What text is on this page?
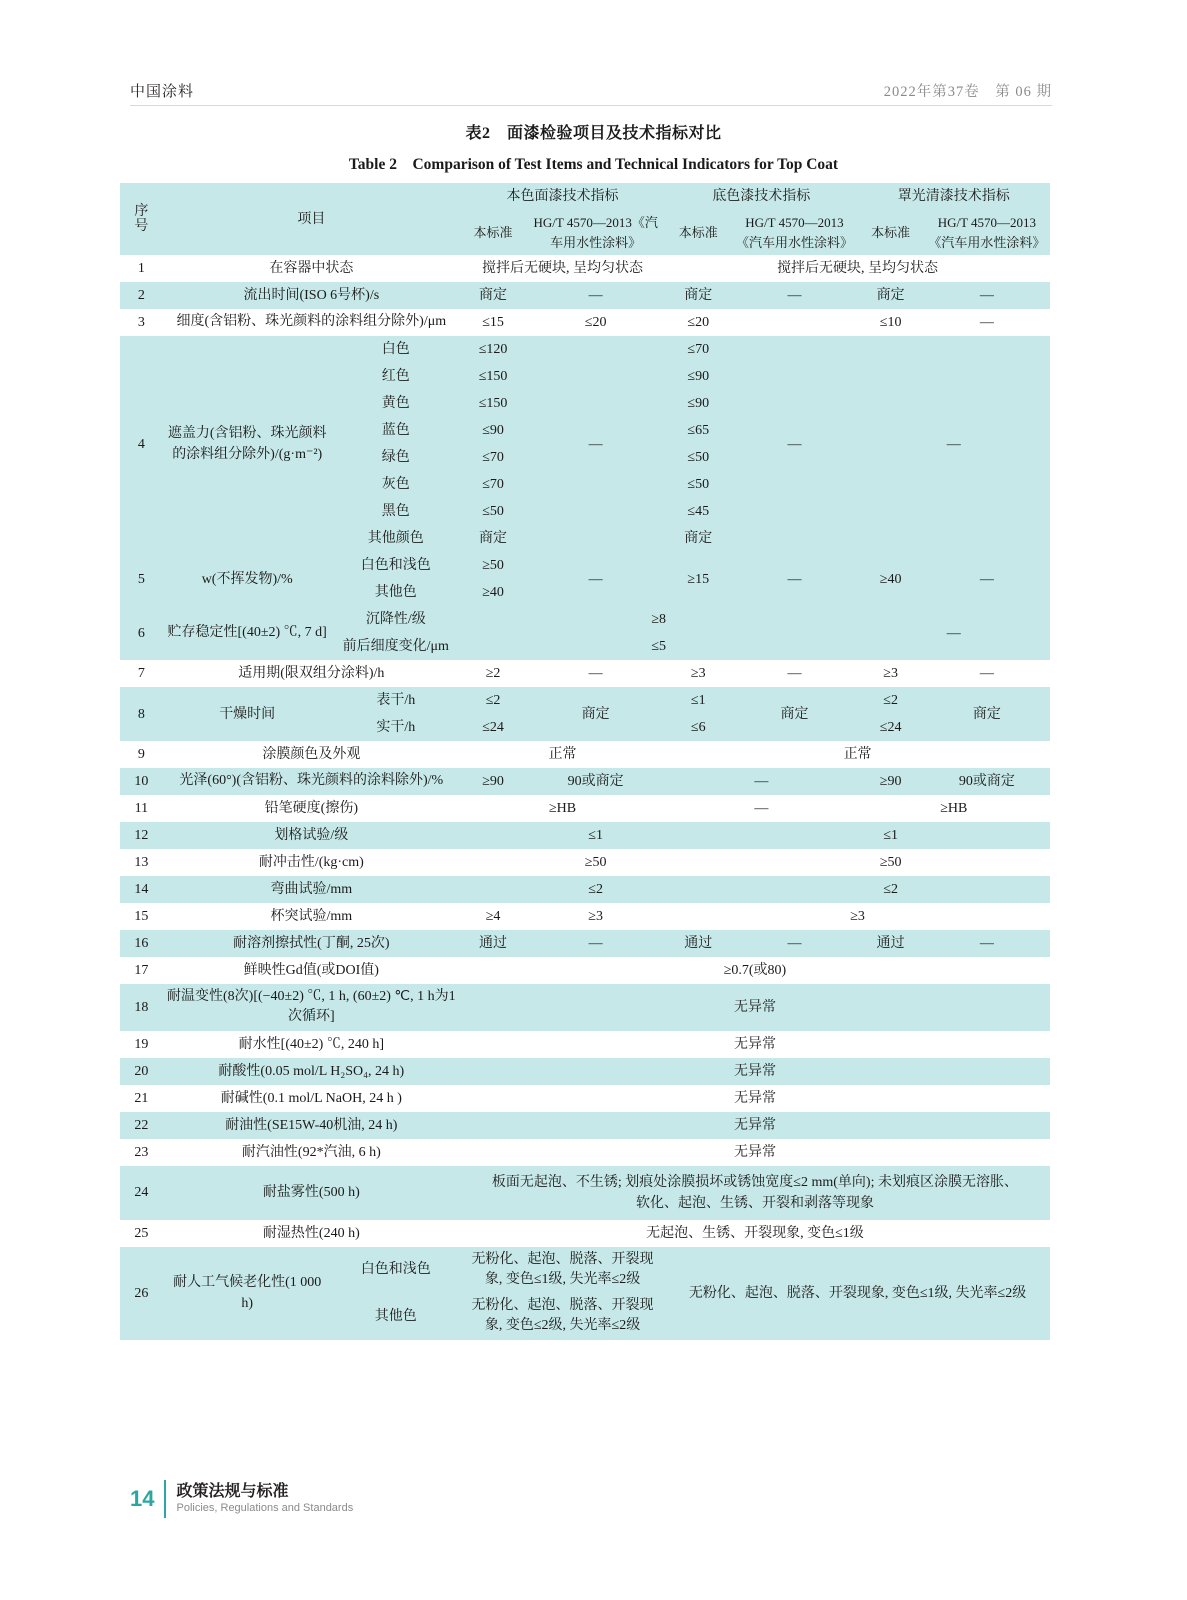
中国涂料	2022年第37卷　第 06 期
表2　面漆检验项目及技术指标对比
Table 2　Comparison of Test Items and Technical Indicators for Top Coat
序号	项目		本色面漆技术指标		底色漆技术指标		罩光清漆技术指标	
			本标准	HG/T 4570—2013《汽车用水性涂料》	本标准	HG/T 4570—2013《汽车用水性涂料》	本标准	HG/T 4570—2013《汽车用水性涂料》
1	在容器中状态		搅拌后无硬块, 呈均匀状态		搅拌后无硬块, 呈均匀状态			
2	流出时间(ISO 6号杯)/s		商定	—	商定	—	商定	—
3	细度(含铝粉、珠光颜料的涂料组分除外)/μm		≤15	≤20	≤20		≤10	—
4	遮盖力(含铝粉、珠光颜料的涂料组分除外)/(g·m⁻²)	白色	≤120	—	≤70	—	—	
		红色	≤150		≤90			
		黄色	≤150		≤90			
		蓝色	≤90		≤65			
		绿色	≤70		≤50			
		灰色	≤70		≤50			
		黑色	≤50		≤45			
		其他颜色	商定		商定			
5	w(不挥发物)/%	白色和浅色	≥50	—	≥15	—	≥40	—
		其他色	≥40					
6	贮存稳定性[(40±2) ℃, 7 d]	沉降性/级	≥8				—	
		前后细度变化/μm	≤5					
7	适用期(限双组分涂料)/h		≥2	—	≥3	—	≥3	—
8	干燥时间	表干/h	≤2	商定	≤1	商定	≤2	商定
		实干/h	≤24		≤6		≤24	
9	涂膜颜色及外观		正常		正常			
10	光泽(60°)(含铝粉、珠光颜料的涂料除外)/%		≥90	90或商定	—		≥90	90或商定
11	铅笔硬度(擦伤)		≥HB		—		≥HB	
12	划格试验/级		≤1			≤1		
13	耐冲击性/(kg·cm)		≥50			≥50		
14	弯曲试验/mm		≤2			≤2		
15	杯突试验/mm		≥4	≥3	≥3			
16	耐溶剂擦拭性(丁酮, 25次)		通过	—	通过	—	通过	—
17	鲜映性Gd值(或DOI值)		≥0.7(或80)					
18	耐温变性(8次)[(−40±2) ℃, 1 h, (60±2) ℃, 1 h为1次循环]		无异常					
19	耐水性[(40±2) ℃, 240 h]		无异常					
20	耐酸性(0.05 mol/L H₂SO₄, 24 h)		无异常					
21	耐碱性(0.1 mol/L NaOH, 24 h )		无异常					
22	耐油性(SE15W-40机油, 24 h)		无异常					
23	耐汽油性(92*汽油, 6 h)		无异常					
24	耐盐雾性(500 h)		板面无起泡、不生锈; 划痕处涂膜损坏或锈蚀宽度≤2 mm(单向); 未划痕区涂膜无溶胀、软化、起泡、生锈、开裂和剥落等现象					
25	耐湿热性(240 h)		无起泡、生锈、开裂现象, 变色≤1级					
26	耐人工气候老化性(1 000 h)	白色和浅色	无粉化、起泡、脱落、开裂现象, 变色≤1级, 失光率≤2级		无粉化、起泡、脱落、开裂现象, 变色≤1级, 失光率≤2级			
		其他色	无粉化、起泡、脱落、开裂现象, 变色≤2级, 失光率≤2级					
14 政策法规与标准
Policies, Regulations and Standards
